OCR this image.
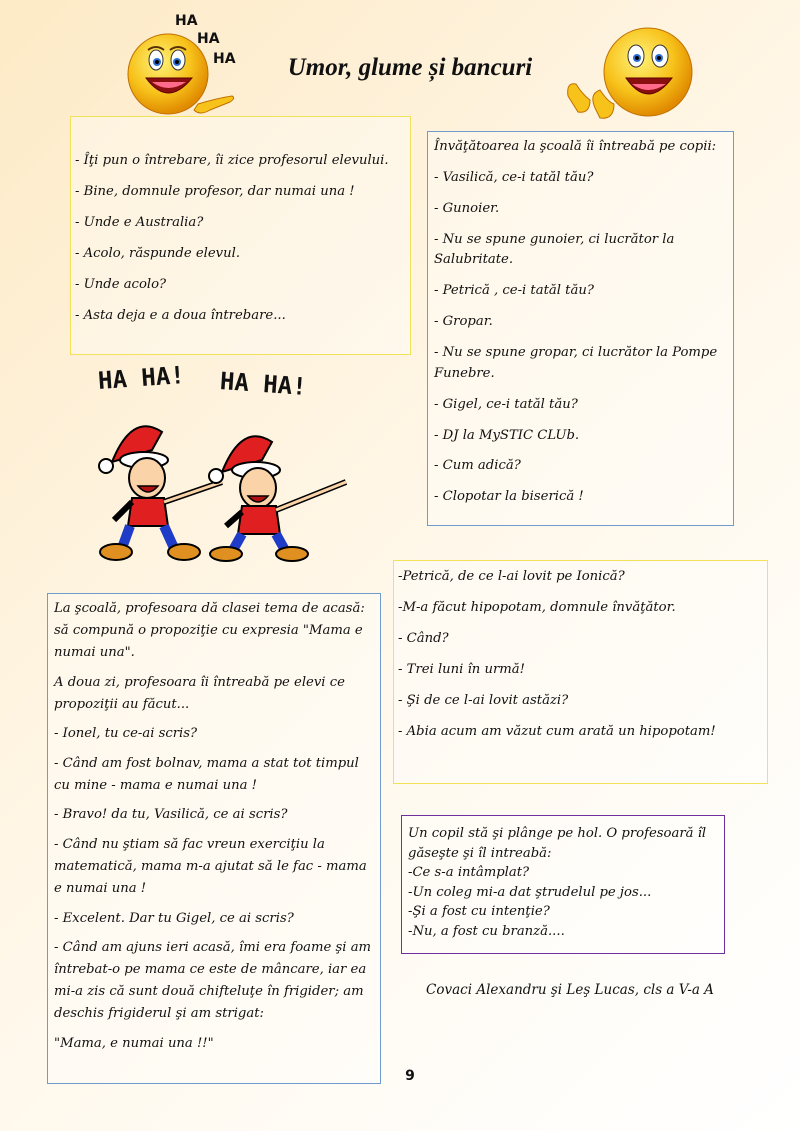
HA
HA
HA	Umor, glume și bancuri

- Îţi pun o întrebare, îi zice profesorul elevului.

- Bine, domnule profesor, dar numai una !

- Unde e Australia?

- Acolo, răspunde elevul.

- Unde acolo?

- Asta deja e a doua întrebare...

Învăţătoarea la şcoală îi întreabă pe copii:

- Vasilică, ce-i tatăl tău?

- Gunoier.

- Nu se spune gunoier, ci lucrător la Salubritate.

- Petrică , ce-i tatăl tău?

- Gropar.

- Nu se spune gropar, ci lucrător la Pompe Funebre.

- Gigel, ce-i tatăl tău?

- DJ la MySTIC CLUb.

- Cum adică?

- Clopotar la biserică !

HA HA! HA HA!

-Petrică, de ce l-ai lovit pe Ionică?

-M-a făcut hipopotam, domnule învăţător.

- Când?

- Trei luni în urmă!

- Şi de ce l-ai lovit astăzi?

- Abia acum am văzut cum arată un hipopotam!

La şcoală, profesoara dă clasei tema de acasă: să compună o propoziţie cu expresia "Mama e numai una".

A doua zi, profesoara îi întreabă pe elevi ce propoziţii au făcut...

- Ionel, tu ce-ai scris?

- Când am fost bolnav, mama a stat tot timpul cu mine - mama e numai una !

- Bravo! da tu, Vasilică, ce ai scris?

- Când nu ştiam să fac vreun exerciţiu la matematică, mama m-a ajutat să le fac - mama e numai una !

- Excelent. Dar tu Gigel, ce ai scris?

- Când am ajuns ieri acasă, îmi era foame şi am întrebat-o pe mama ce este de mâncare, iar ea mi-a zis că sunt două chifteluţe în frigider; am deschis frigiderul şi am strigat:

"Mama, e numai una !!"

Un copil stă şi plânge pe hol. O profesoară îl găseşte şi îl intreabă:
-Ce s-a intâmplat?
-Un coleg mi-a dat ştrudelul pe jos...
-Şi a fost cu intenţie?
-Nu, a fost cu branză....

Covaci Alexandru şi Leş Lucas, cls a V-a A

9
